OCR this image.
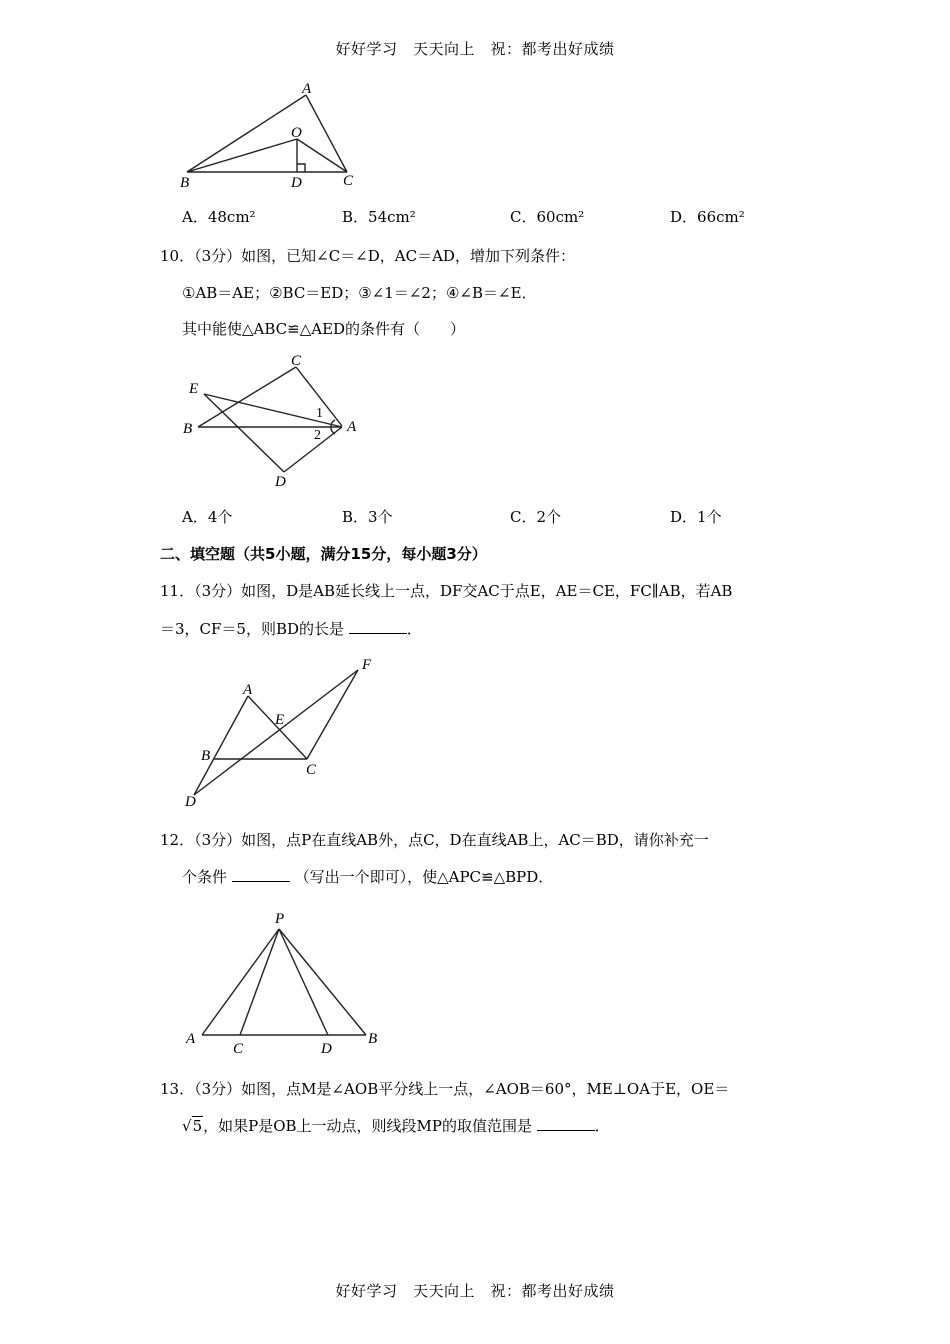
好好学习　天天向上　祝：都考出好成绩
A
O
B	D	C
A．48cm²	B．54cm²	C．60cm²	D．66cm²
10．（3分）如图，已知∠C＝∠D，AC＝AD，增加下列条件：
①AB＝AE；②BC＝ED；③∠1＝∠2；④∠B＝∠E．
其中能使△ABC≌△AED的条件有（　　）
C
E
B
1
2
A
D
A．4个	B．3个	C．2个	D．1个
二、填空题（共5小题，满分15分，每小题3分）
11．（3分）如图，D是AB延长线上一点，DF交AC于点E，AE＝CE，FC∥AB，若AB
＝3，CF＝5，则BD的长是	．
F
A
E
B
C
D
12．（3分）如图，点P在直线AB外，点C，D在直线AB上，AC＝BD，请你补充一
个条件	（写出一个即可），使△APC≌△BPD．
P
A
C	D
B
13．（3分）如图，点M是∠AOB平分线上一点，∠AOB＝60°，ME⊥OA于E，OE＝
√5，如果P是OB上一动点，则线段MP的取值范围是	．
好好学习　天天向上　祝：都考出好成绩
